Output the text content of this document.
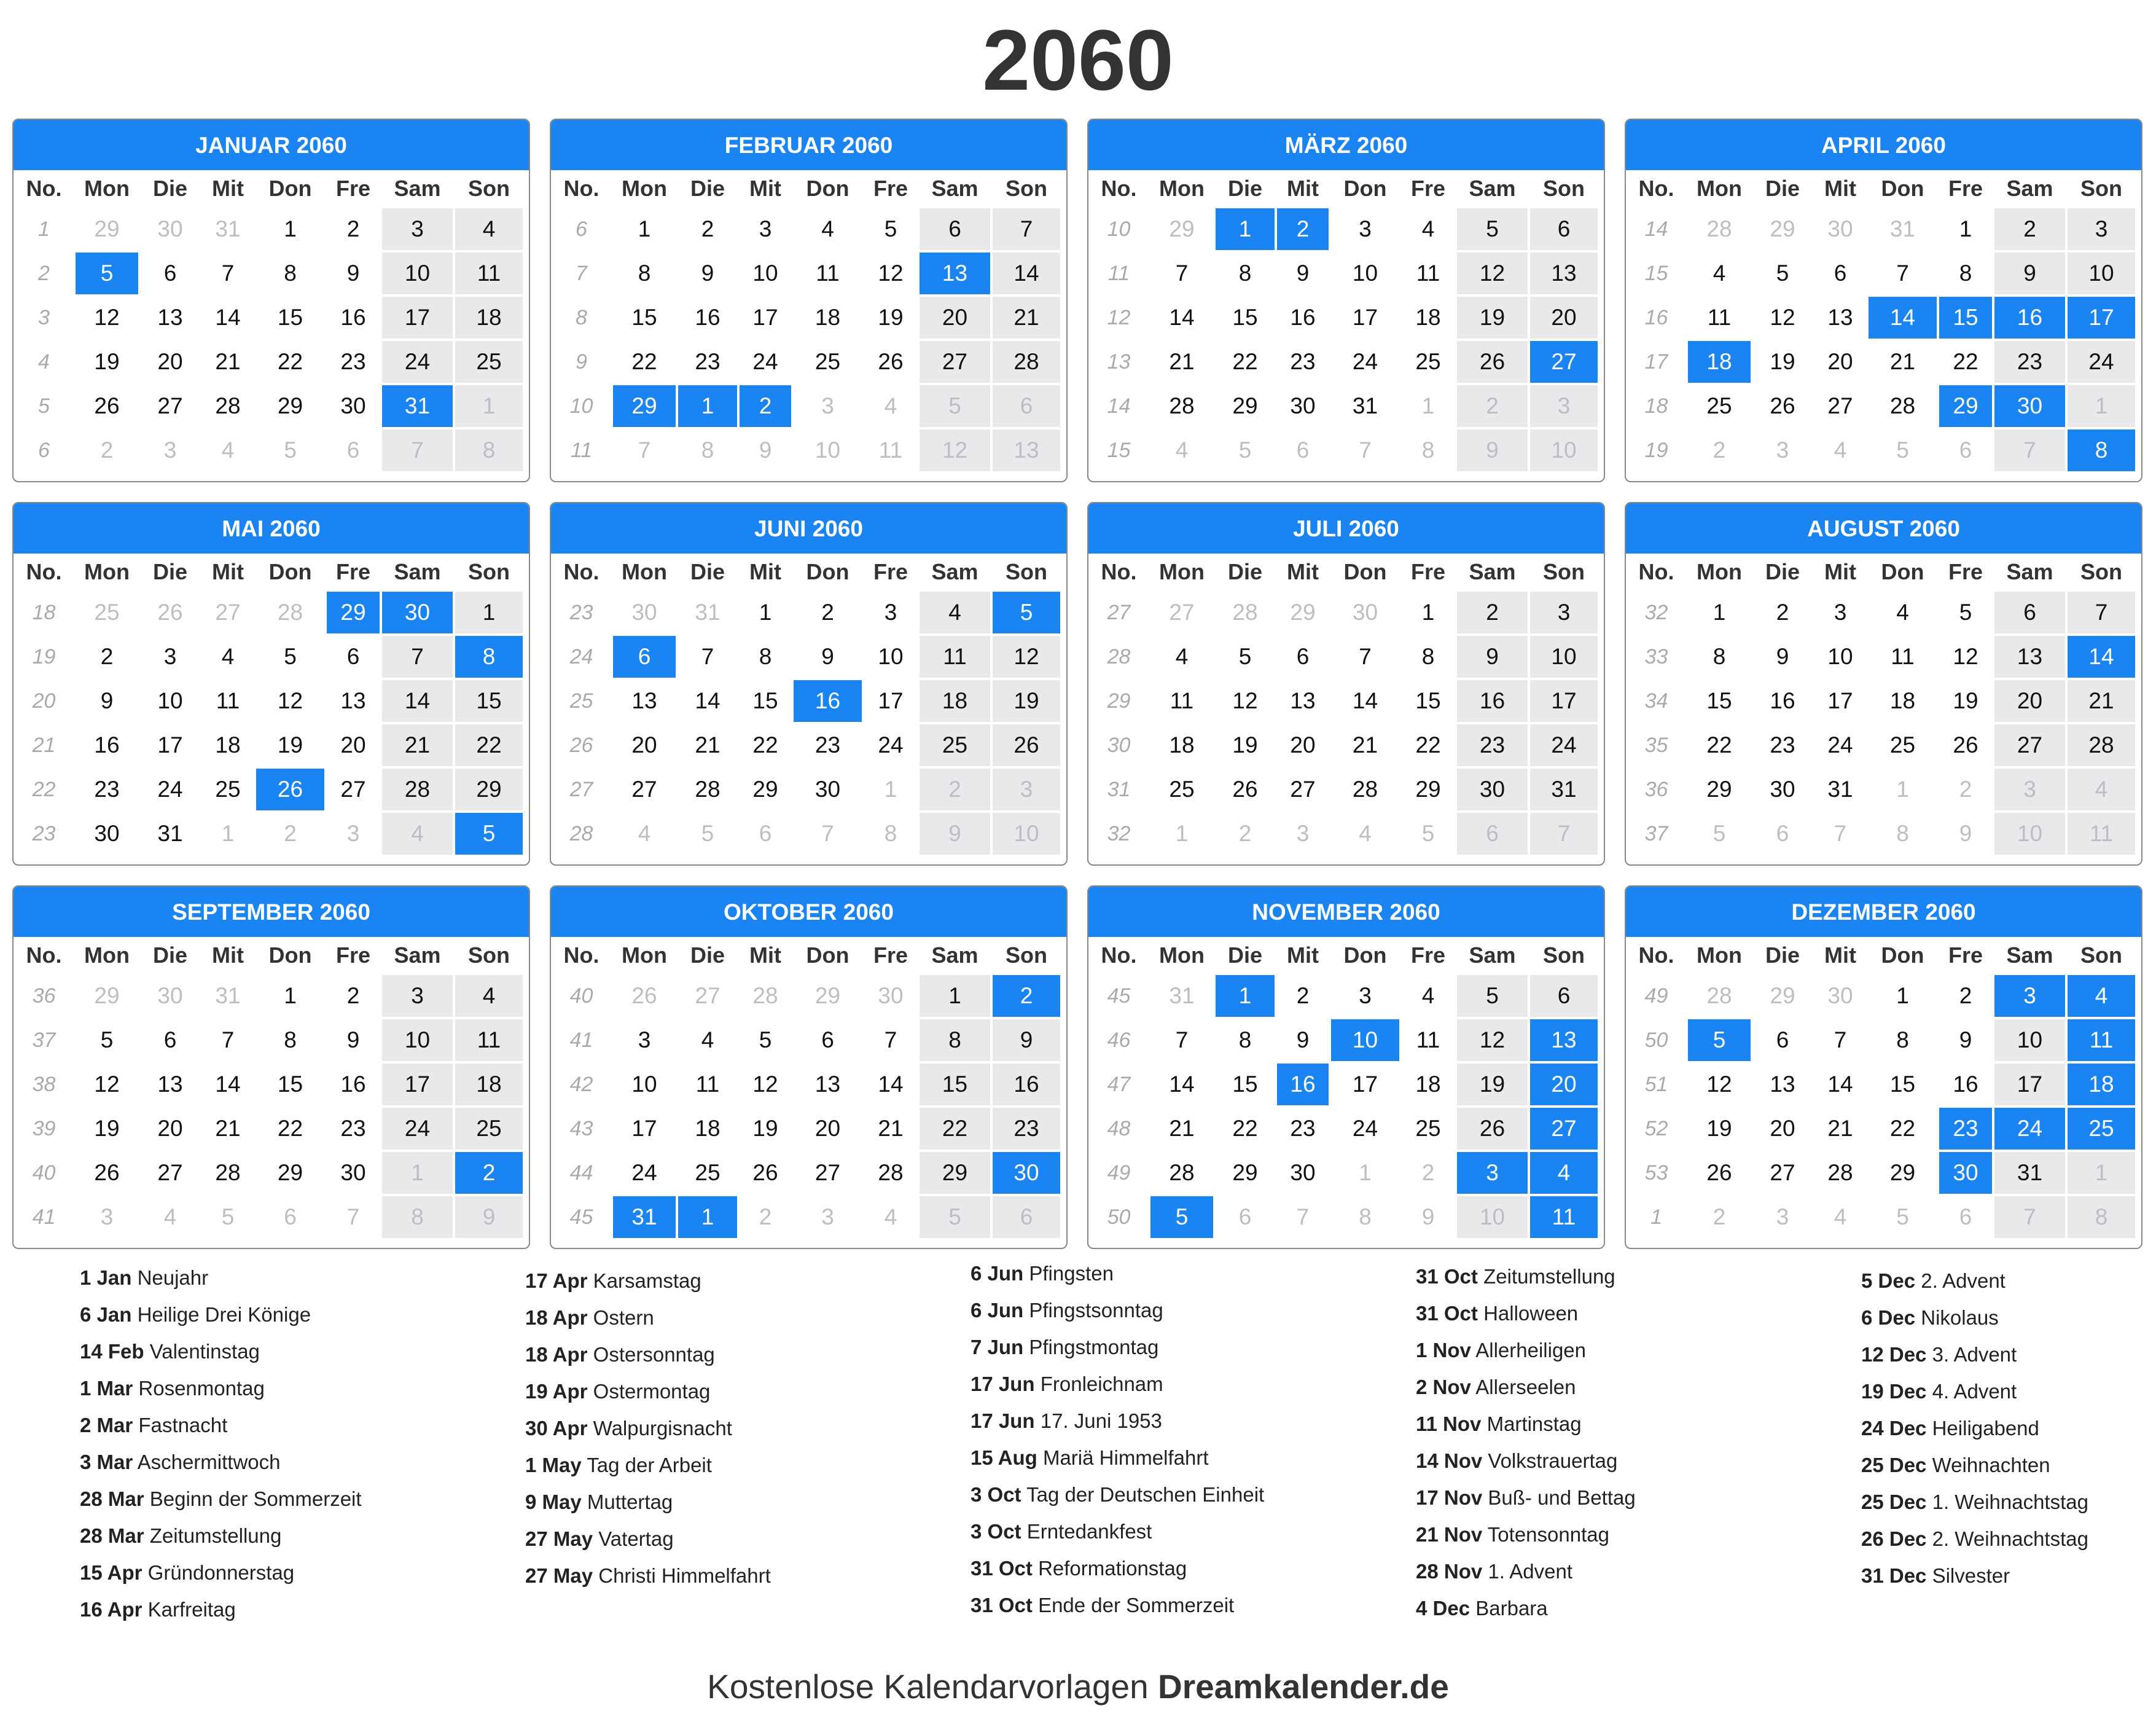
2060
JANUAR 2060
No.	Mon	Die	Mit	Don	Fre	Sam	Son
1	29	30	31	1	2	3	4
2	5	6	7	8	9	10	11
3	12	13	14	15	16	17	18
4	19	20	21	22	23	24	25
5	26	27	28	29	30	31	1
6	2	3	4	5	6	7	8
FEBRUAR 2060
No.	Mon	Die	Mit	Don	Fre	Sam	Son
6	1	2	3	4	5	6	7
7	8	9	10	11	12	13	14
8	15	16	17	18	19	20	21
9	22	23	24	25	26	27	28
10	29	1	2	3	4	5	6
11	7	8	9	10	11	12	13
MÄRZ 2060
No.	Mon	Die	Mit	Don	Fre	Sam	Son
10	29	1	2	3	4	5	6
11	7	8	9	10	11	12	13
12	14	15	16	17	18	19	20
13	21	22	23	24	25	26	27
14	28	29	30	31	1	2	3
15	4	5	6	7	8	9	10
APRIL 2060
No.	Mon	Die	Mit	Don	Fre	Sam	Son
14	28	29	30	31	1	2	3
15	4	5	6	7	8	9	10
16	11	12	13	14	15	16	17
17	18	19	20	21	22	23	24
18	25	26	27	28	29	30	1
19	2	3	4	5	6	7	8
MAI 2060
No.	Mon	Die	Mit	Don	Fre	Sam	Son
18	25	26	27	28	29	30	1
19	2	3	4	5	6	7	8
20	9	10	11	12	13	14	15
21	16	17	18	19	20	21	22
22	23	24	25	26	27	28	29
23	30	31	1	2	3	4	5
JUNI 2060
No.	Mon	Die	Mit	Don	Fre	Sam	Son
23	30	31	1	2	3	4	5
24	6	7	8	9	10	11	12
25	13	14	15	16	17	18	19
26	20	21	22	23	24	25	26
27	27	28	29	30	1	2	3
28	4	5	6	7	8	9	10
JULI 2060
No.	Mon	Die	Mit	Don	Fre	Sam	Son
27	27	28	29	30	1	2	3
28	4	5	6	7	8	9	10
29	11	12	13	14	15	16	17
30	18	19	20	21	22	23	24
31	25	26	27	28	29	30	31
32	1	2	3	4	5	6	7
AUGUST 2060
No.	Mon	Die	Mit	Don	Fre	Sam	Son
32	1	2	3	4	5	6	7
33	8	9	10	11	12	13	14
34	15	16	17	18	19	20	21
35	22	23	24	25	26	27	28
36	29	30	31	1	2	3	4
37	5	6	7	8	9	10	11
SEPTEMBER 2060
No.	Mon	Die	Mit	Don	Fre	Sam	Son
36	29	30	31	1	2	3	4
37	5	6	7	8	9	10	11
38	12	13	14	15	16	17	18
39	19	20	21	22	23	24	25
40	26	27	28	29	30	1	2
41	3	4	5	6	7	8	9
OKTOBER 2060
No.	Mon	Die	Mit	Don	Fre	Sam	Son
40	26	27	28	29	30	1	2
41	3	4	5	6	7	8	9
42	10	11	12	13	14	15	16
43	17	18	19	20	21	22	23
44	24	25	26	27	28	29	30
45	31	1	2	3	4	5	6
NOVEMBER 2060
No.	Mon	Die	Mit	Don	Fre	Sam	Son
45	31	1	2	3	4	5	6
46	7	8	9	10	11	12	13
47	14	15	16	17	18	19	20
48	21	22	23	24	25	26	27
49	28	29	30	1	2	3	4
50	5	6	7	8	9	10	11
DEZEMBER 2060
No.	Mon	Die	Mit	Don	Fre	Sam	Son
49	28	29	30	1	2	3	4
50	5	6	7	8	9	10	11
51	12	13	14	15	16	17	18
52	19	20	21	22	23	24	25
53	26	27	28	29	30	31	1
1	2	3	4	5	6	7	8
1 Jan Neujahr
6 Jan Heilige Drei Könige
14 Feb Valentinstag
1 Mar Rosenmontag
2 Mar Fastnacht
3 Mar Aschermittwoch
28 Mar Beginn der Sommerzeit
28 Mar Zeitumstellung
15 Apr Gründonnerstag
16 Apr Karfreitag
17 Apr Karsamstag
18 Apr Ostern
18 Apr Ostersonntag
19 Apr Ostermontag
30 Apr Walpurgisnacht
1 May Tag der Arbeit
9 May Muttertag
27 May Vatertag
27 May Christi Himmelfahrt
6 Jun Pfingsten
6 Jun Pfingstsonntag
7 Jun Pfingstmontag
17 Jun Fronleichnam
17 Jun 17. Juni 1953
15 Aug Mariä Himmelfahrt
3 Oct Tag der Deutschen Einheit
3 Oct Erntedankfest
31 Oct Reformationstag
31 Oct Ende der Sommerzeit
31 Oct Zeitumstellung
31 Oct Halloween
1 Nov Allerheiligen
2 Nov Allerseelen
11 Nov Martinstag
14 Nov Volkstrauertag
17 Nov Buß- und Bettag
21 Nov Totensonntag
28 Nov 1. Advent
4 Dec Barbara
5 Dec 2. Advent
6 Dec Nikolaus
12 Dec 3. Advent
19 Dec 4. Advent
24 Dec Heiligabend
25 Dec Weihnachten
25 Dec 1. Weihnachtstag
26 Dec 2. Weihnachtstag
31 Dec Silvester
Kostenlose Kalendarvorlagen Dreamkalender.de
